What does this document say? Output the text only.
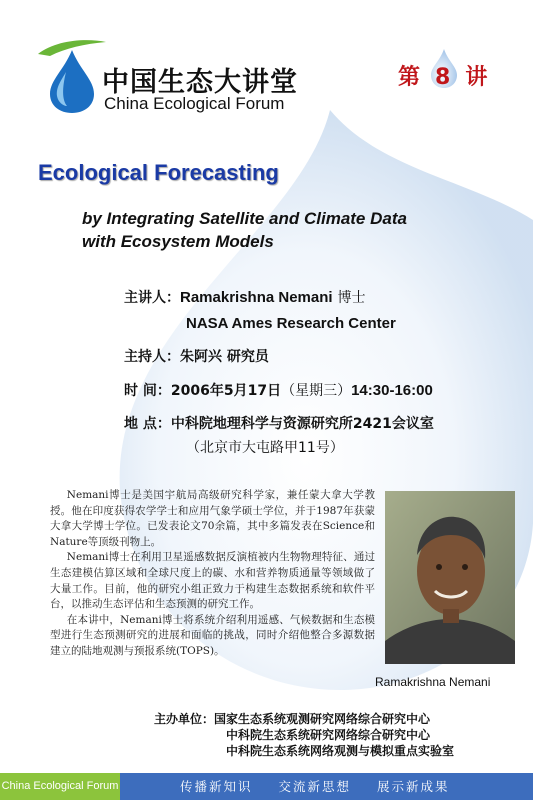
中国生态大讲堂
China Ecological Forum
第 8 讲
Ecological Forecasting
by Integrating Satellite and Climate Data
with Ecosystem Models
主讲人：Ramakrishna Nemani 博士
NASA Ames Research Center
主持人：朱阿兴 研究员
时 间：2006年5月17日（星期三）14:30-16:00
地 点：中科院地理科学与资源研究所2421会议室
（北京市大屯路甲11号）

Nemani博士是美国宇航局高级研究科学家，兼任蒙大拿大学教授。他在印度获得农学学士和应用气象学硕士学位，并于1987年获蒙大拿大学博士学位。已发表论文70余篇，其中多篇发表在Science和Nature等顶级刊物上。

Nemani博士在利用卫星遥感数据反演植被内生物物理特征、通过生态建模估算区域和全球尺度上的碳、水和营养物质通量等领域做了大量工作。目前，他的研究小组正致力于构建生态数据系统和软件平台，以推动生态评估和生态预测的研究工作。

在本讲中，Nemani博士将系统介绍利用遥感、气候数据和生态模型进行生态预测研究的进展和面临的挑战，同时介绍他整合多源数据建立的陆地观测与预报系统(TOPS)。

Ramakrishna Nemani
主办单位：国家生态系统观测研究网络综合研究中心
中科院生态系统研究网络综合研究中心
中科院生态系统网络观测与模拟重点实验室
China Ecological Forum	传播新知识 交流新思想 展示新成果
